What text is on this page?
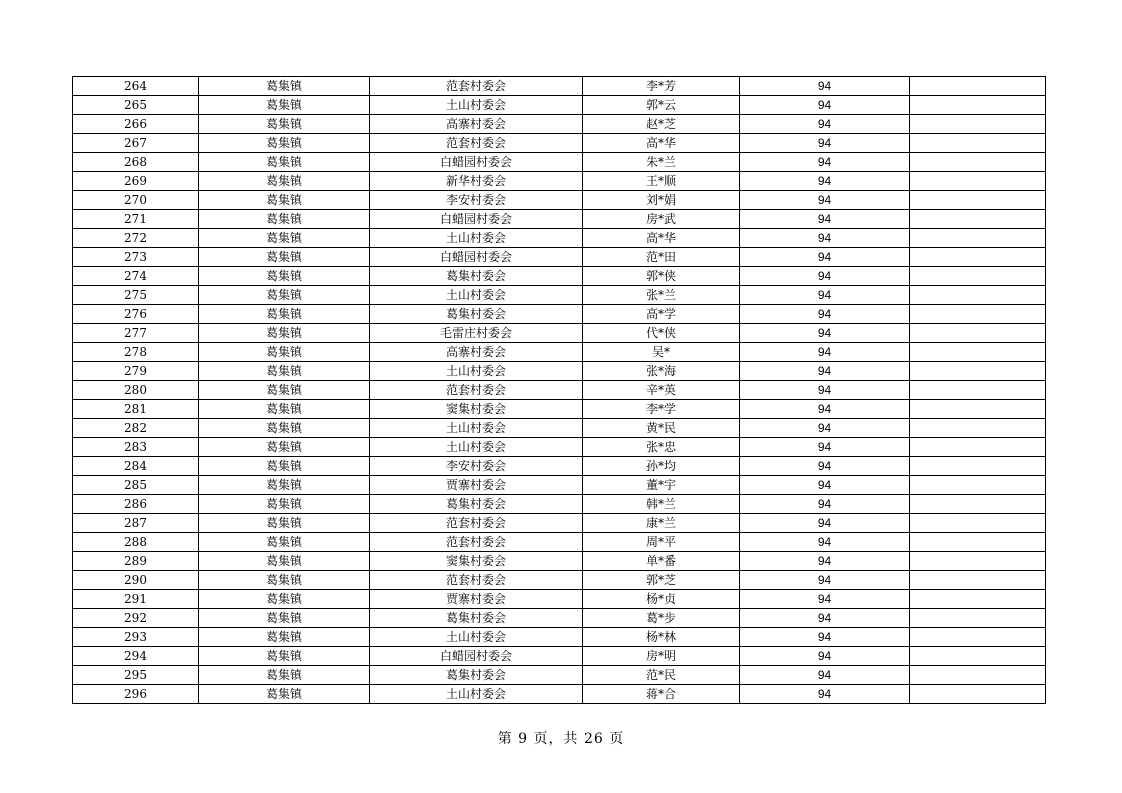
264	葛集镇	范套村委会	李*芳	94	
265	葛集镇	土山村委会	郭*云	94	
266	葛集镇	高寨村委会	赵*芝	94	
267	葛集镇	范套村委会	高*华	94	
268	葛集镇	白蜡园村委会	朱*兰	94	
269	葛集镇	新华村委会	王*顺	94	
270	葛集镇	李安村委会	刘*娟	94	
271	葛集镇	白蜡园村委会	房*武	94	
272	葛集镇	土山村委会	高*华	94	
273	葛集镇	白蜡园村委会	范*田	94	
274	葛集镇	葛集村委会	郭*侠	94	
275	葛集镇	土山村委会	张*兰	94	
276	葛集镇	葛集村委会	高*学	94	
277	葛集镇	毛雷庄村委会	代*侠	94	
278	葛集镇	高寨村委会	吴*	94	
279	葛集镇	土山村委会	张*海	94	
280	葛集镇	范套村委会	辛*英	94	
281	葛集镇	窦集村委会	李*学	94	
282	葛集镇	土山村委会	黄*民	94	
283	葛集镇	土山村委会	张*忠	94	
284	葛集镇	李安村委会	孙*均	94	
285	葛集镇	贾寨村委会	董*宇	94	
286	葛集镇	葛集村委会	韩*兰	94	
287	葛集镇	范套村委会	康*兰	94	
288	葛集镇	范套村委会	周*平	94	
289	葛集镇	窦集村委会	单*番	94	
290	葛集镇	范套村委会	郭*芝	94	
291	葛集镇	贾寨村委会	杨*贞	94	
292	葛集镇	葛集村委会	葛*步	94	
293	葛集镇	土山村委会	杨*林	94	
294	葛集镇	白蜡园村委会	房*明	94	
295	葛集镇	葛集村委会	范*民	94	
296	葛集镇	土山村委会	蒋*合	94	
第 9 页，共 26 页
